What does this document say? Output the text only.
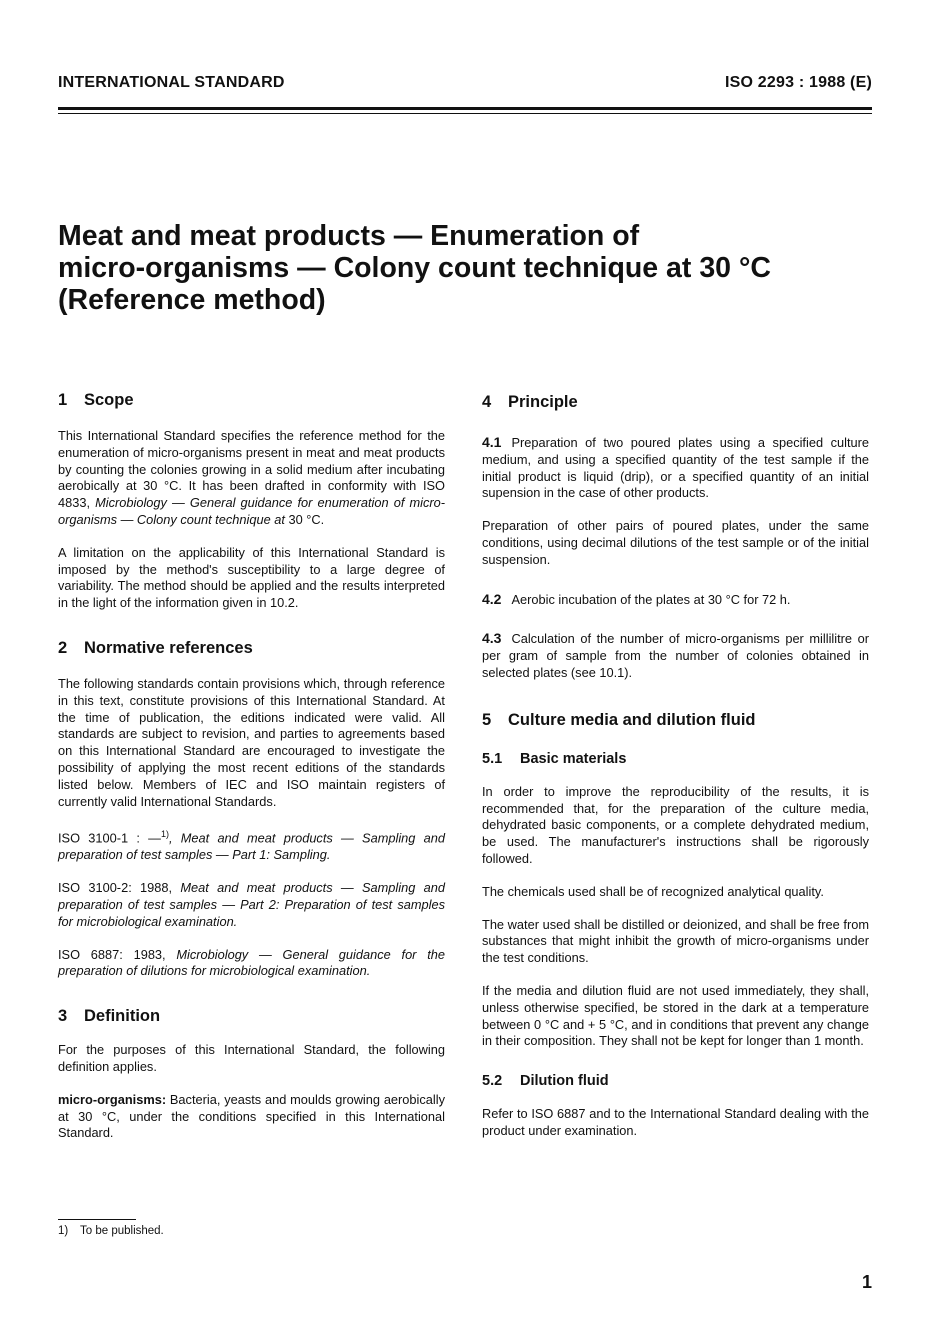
INTERNATIONAL STANDARD	ISO 2293 : 1988 (E)
Meat and meat products — Enumeration of
micro-organisms — Colony count technique at 30 °C
(Reference method)
1 Scope

This International Standard specifies the reference method for the enumeration of micro-organisms present in meat and meat products by counting the colonies growing in a solid medium after incubating aerobically at 30 °C. It has been drafted in conformity with ISO 4833, Microbiology — General guidance for enumeration of micro-organisms — Colony count technique at 30 °C.

A limitation on the applicability of this International Standard is imposed by the method's susceptibility to a large degree of variability. The method should be applied and the results interpreted in the light of the information given in 10.2.

2 Normative references

The following standards contain provisions which, through reference in this text, constitute provisions of this International Standard. At the time of publication, the editions indicated were valid. All standards are subject to revision, and parties to agreements based on this International Standard are encouraged to investigate the possibility of applying the most recent editions of the standards listed below. Members of IEC and ISO maintain registers of currently valid International Standards.

ISO 3100-1 : —$^{1)}$, Meat and meat products — Sampling and preparation of test samples — Part 1: Sampling.

ISO 3100-2: 1988, Meat and meat products — Sampling and preparation of test samples — Part 2: Preparation of test samples for microbiological examination.

ISO 6887: 1983, Microbiology — General guidance for the preparation of dilutions for microbiological examination.

3 Definition

For the purposes of this International Standard, the following definition applies.

micro-organisms: Bacteria, yeasts and moulds growing aerobically at 30 °C, under the conditions specified in this International Standard.

4 Principle

4.1 Preparation of two poured plates using a specified culture medium, and using a specified quantity of the test sample if the initial product is liquid (drip), or a specified quantity of an initial supension in the case of other products.

Preparation of other pairs of poured plates, under the same conditions, using decimal dilutions of the test sample or of the initial suspension.

4.2 Aerobic incubation of the plates at 30 °C for 72 h.

4.3 Calculation of the number of micro-organisms per millilitre or per gram of sample from the number of colonies obtained in selected plates (see 10.1).

5 Culture media and dilution fluid
5.1 Basic materials

In order to improve the reproducibility of the results, it is recommended that, for the preparation of the culture media, dehydrated basic components, or a complete dehydrated medium, be used. The manufacturer's instructions shall be rigorously followed.

The chemicals used shall be of recognized analytical quality.

The water used shall be distilled or deionized, and shall be free from substances that might inhibit the growth of micro-organisms under the test conditions.

If the media and dilution fluid are not used immediately, they shall, unless otherwise specified, be stored in the dark at a temperature between 0 °C and + 5 °C, and in conditions that prevent any change in their composition. They shall not be kept for longer than 1 month.

5.2 Dilution fluid

Refer to ISO 6887 and to the International Standard dealing with the product under examination.

1) To be published.
1
